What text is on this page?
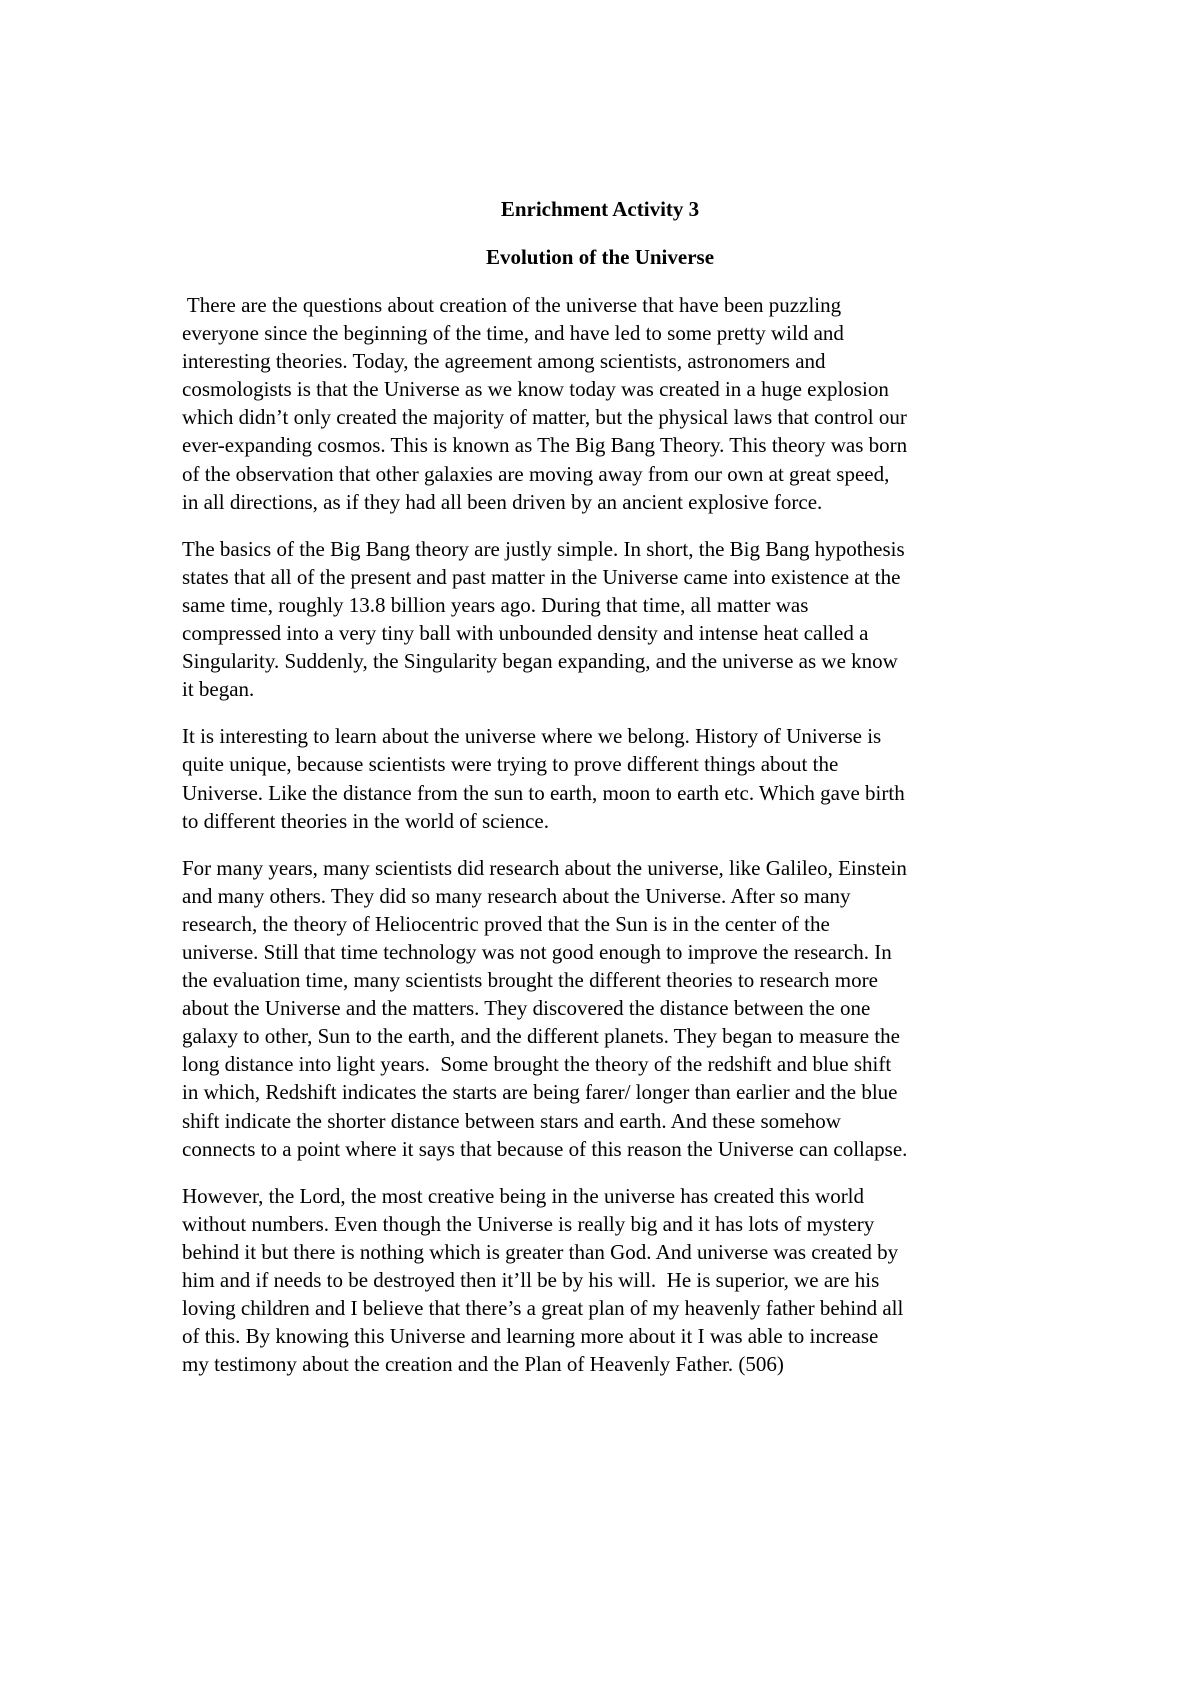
Enrichment Activity 3
Evolution of the Universe

There are the questions about creation of the universe that have been puzzling
everyone since the beginning of the time, and have led to some pretty wild and
interesting theories. Today, the agreement among scientists, astronomers and
cosmologists is that the Universe as we know today was created in a huge explosion
which didn’t only created the majority of matter, but the physical laws that control our
ever-expanding cosmos. This is known as The Big Bang Theory. This theory was born
of the observation that other galaxies are moving away from our own at great speed,
in all directions, as if they had all been driven by an ancient explosive force.

The basics of the Big Bang theory are justly simple. In short, the Big Bang hypothesis
states that all of the present and past matter in the Universe came into existence at the
same time, roughly 13.8 billion years ago. During that time, all matter was
compressed into a very tiny ball with unbounded density and intense heat called a
Singularity. Suddenly, the Singularity began expanding, and the universe as we know
it began.

It is interesting to learn about the universe where we belong. History of Universe is
quite unique, because scientists were trying to prove different things about the
Universe. Like the distance from the sun to earth, moon to earth etc. Which gave birth
to different theories in the world of science.

For many years, many scientists did research about the universe, like Galileo, Einstein
and many others. They did so many research about the Universe. After so many
research, the theory of Heliocentric proved that the Sun is in the center of the
universe. Still that time technology was not good enough to improve the research. In
the evaluation time, many scientists brought the different theories to research more
about the Universe and the matters. They discovered the distance between the one
galaxy to other, Sun to the earth, and the different planets. They began to measure the
long distance into light years.  Some brought the theory of the redshift and blue shift
in which, Redshift indicates the starts are being farer/ longer than earlier and the blue
shift indicate the shorter distance between stars and earth. And these somehow
connects to a point where it says that because of this reason the Universe can collapse.

However, the Lord, the most creative being in the universe has created this world
without numbers. Even though the Universe is really big and it has lots of mystery
behind it but there is nothing which is greater than God. And universe was created by
him and if needs to be destroyed then it’ll be by his will.  He is superior, we are his
loving children and I believe that there’s a great plan of my heavenly father behind all
of this. By knowing this Universe and learning more about it I was able to increase
my testimony about the creation and the Plan of Heavenly Father. (506)
